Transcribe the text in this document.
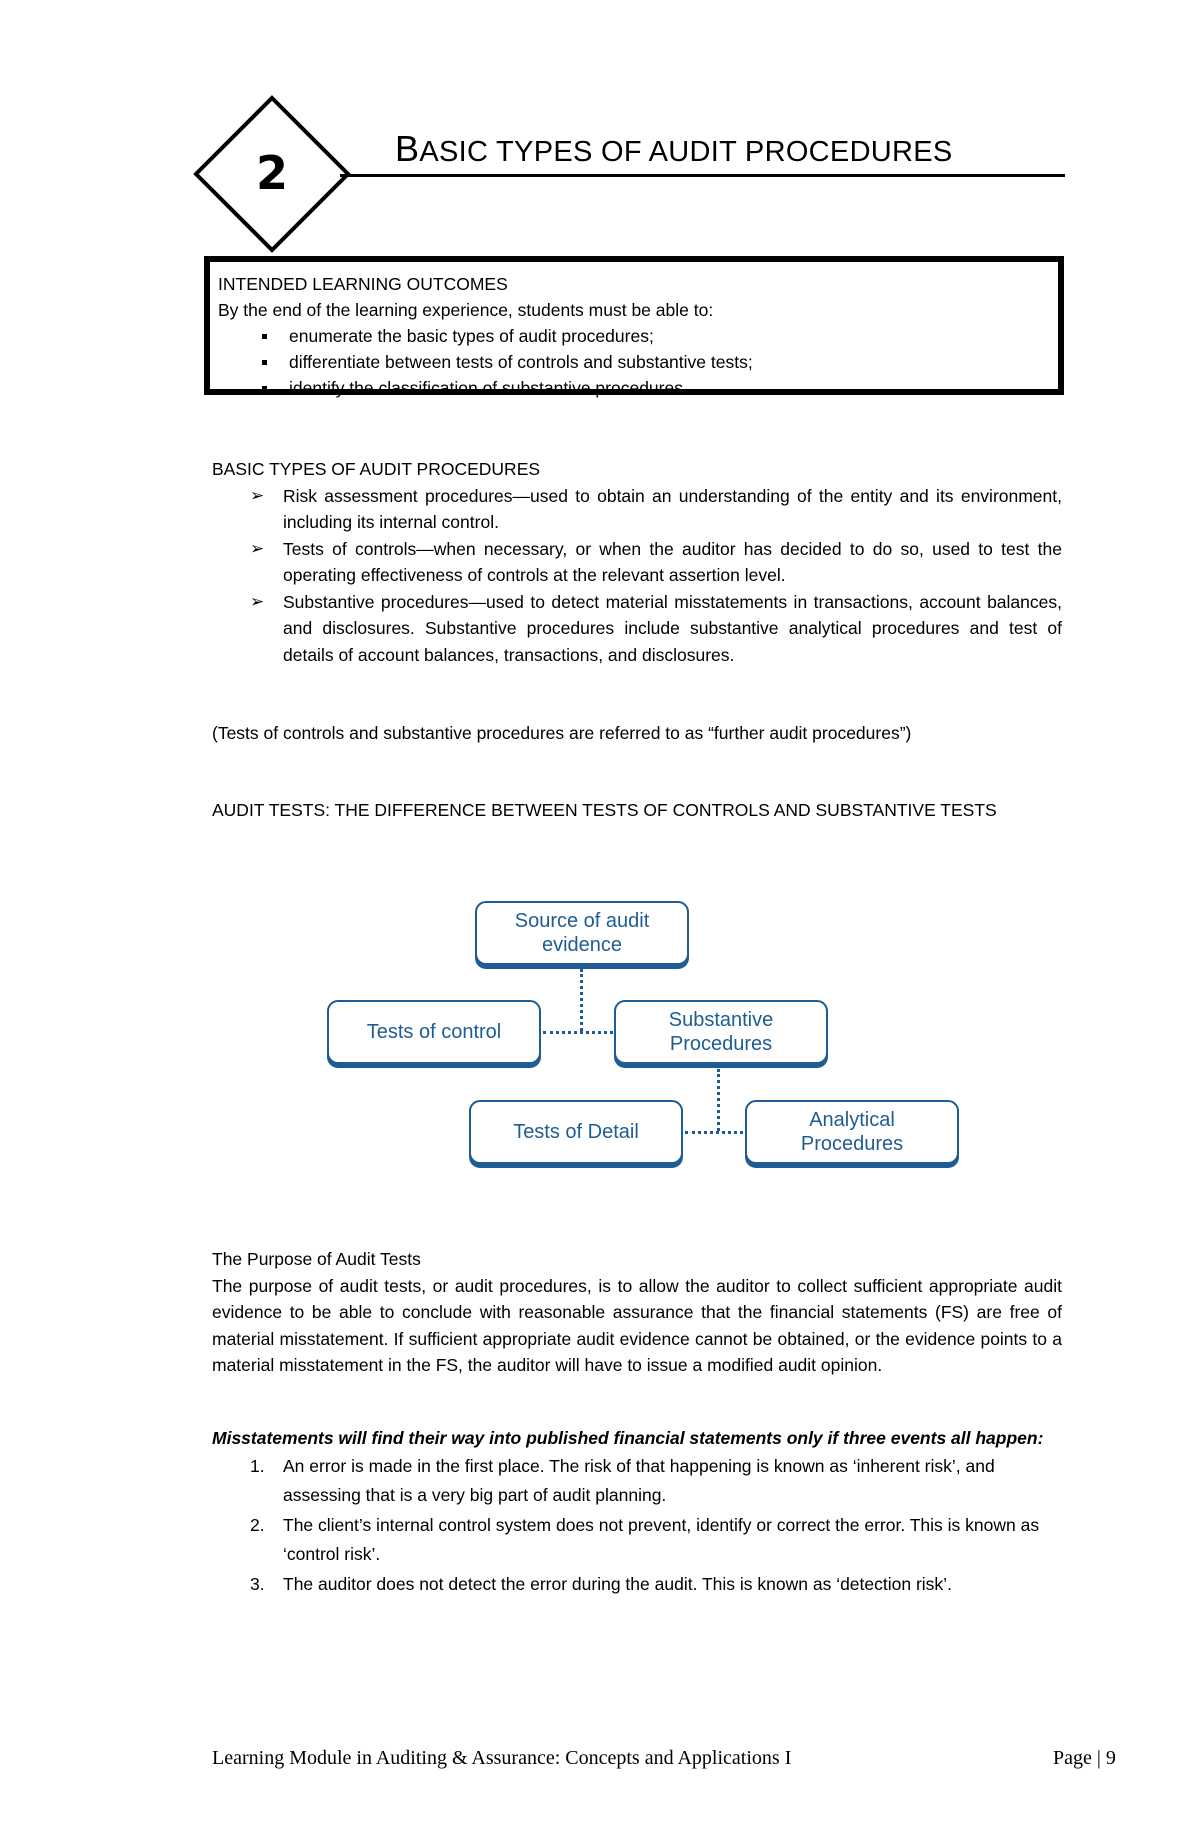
2	BASIC TYPES OF AUDIT PROCEDURES
INTENDED LEARNING OUTCOMES
By the end of the learning experience, students must be able to:
enumerate the basic types of audit procedures;
differentiate between tests of controls and substantive tests;
identify the classification of substantive procedures.
BASIC TYPES OF AUDIT PROCEDURES
➢ Risk assessment procedures—used to obtain an understanding of the entity and its environment, including its internal control.
➢ Tests of controls—when necessary, or when the auditor has decided to do so, used to test the operating effectiveness of controls at the relevant assertion level.
➢ Substantive procedures—used to detect material misstatements in transactions, account balances, and disclosures. Substantive procedures include substantive analytical procedures and test of details of account balances, transactions, and disclosures.
(Tests of controls and substantive procedures are referred to as “further audit procedures”)
AUDIT TESTS: THE DIFFERENCE BETWEEN TESTS OF CONTROLS AND SUBSTANTIVE TESTS
Source of audit evidence
Tests of control
Substantive Procedures
Tests of Detail
Analytical Procedures
The Purpose of Audit Tests
The purpose of audit tests, or audit procedures, is to allow the auditor to collect sufficient appropriate audit evidence to be able to conclude with reasonable assurance that the financial statements (FS) are free of material misstatement. If sufficient appropriate audit evidence cannot be obtained, or the evidence points to a material misstatement in the FS, the auditor will have to issue a modified audit opinion.
Misstatements will find their way into published financial statements only if three events all happen:
1. An error is made in the first place. The risk of that happening is known as ‘inherent risk’, and assessing that is a very big part of audit planning.
2. The client’s internal control system does not prevent, identify or correct the error. This is known as ‘control risk’.
3. The auditor does not detect the error during the audit. This is known as ‘detection risk’.
Learning Module in Auditing & Assurance: Concepts and Applications I	Page | 9
